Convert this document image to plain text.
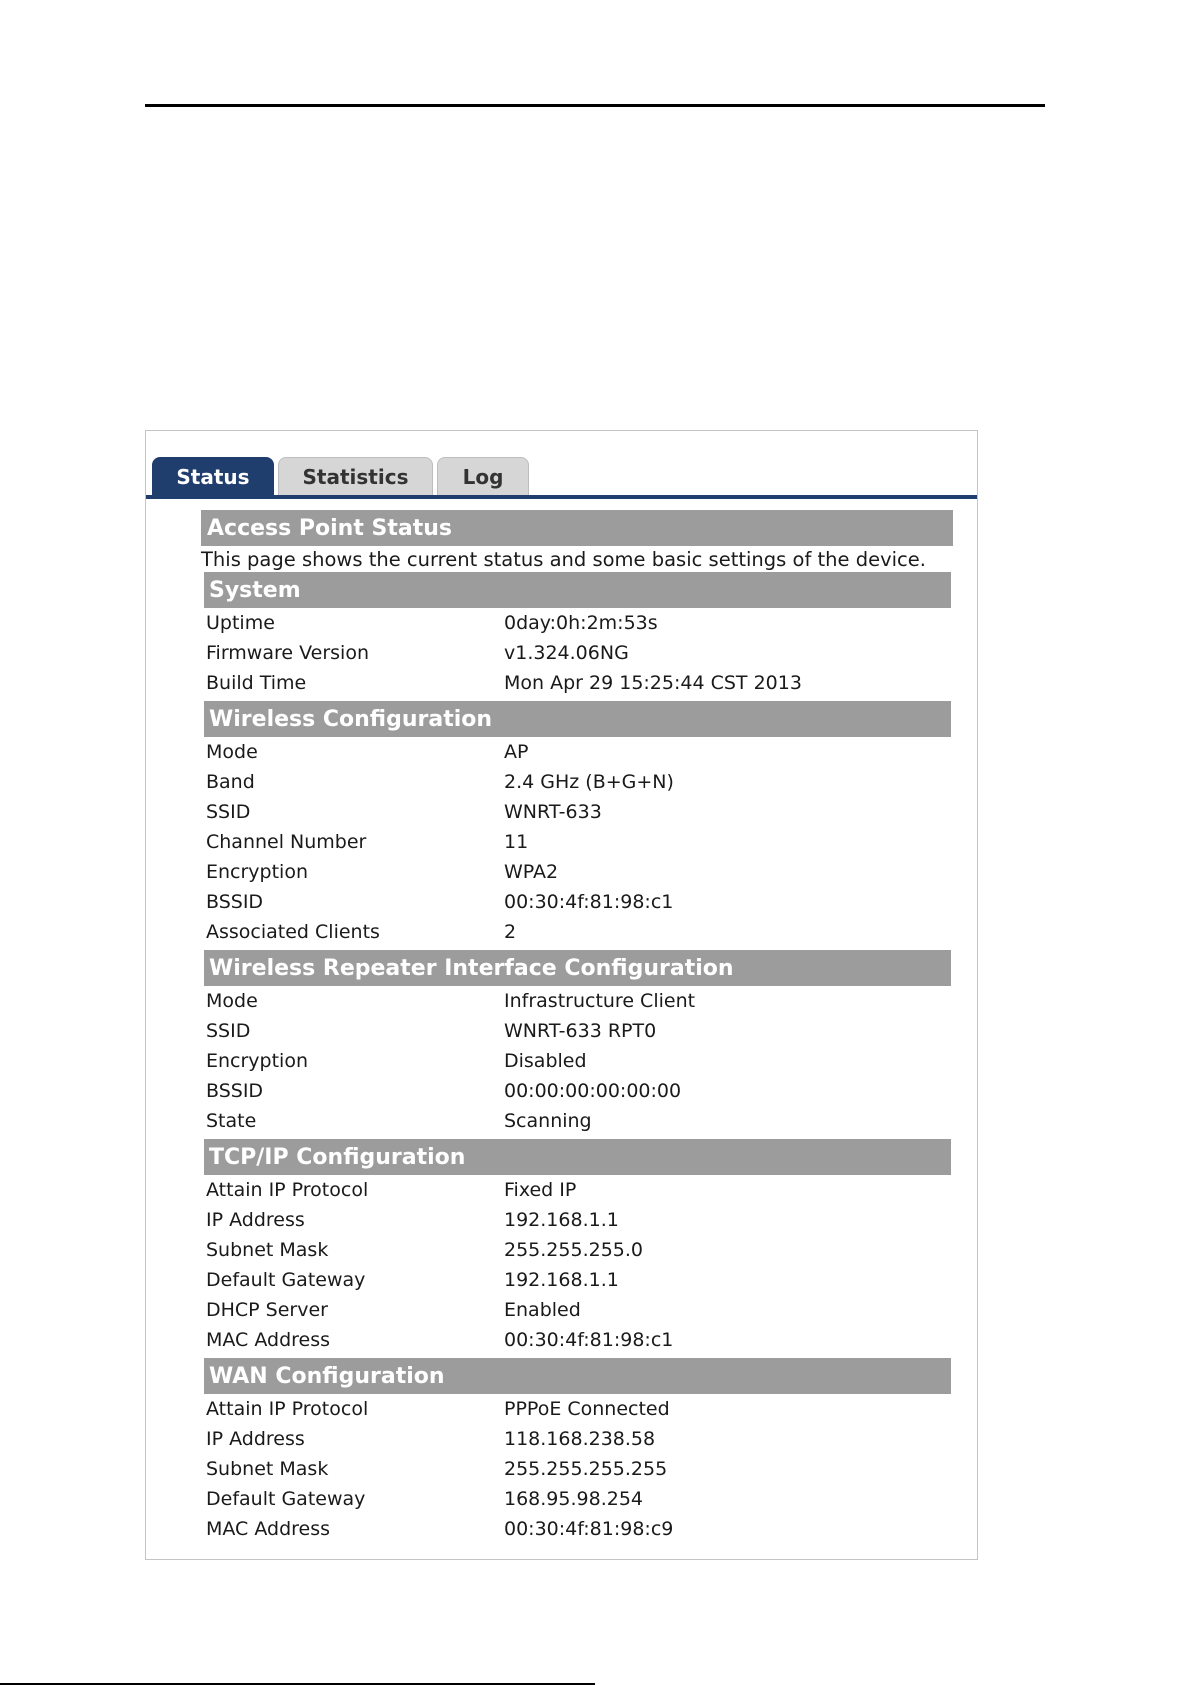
Status	Statistics	Log
Access Point Status
This page shows the current status and some basic settings of the device.
System
Uptime	0day:0h:2m:53s
Firmware Version	v1.324.06NG
Build Time	Mon Apr 29 15:25:44 CST 2013
Wireless Configuration
Mode	AP
Band	2.4 GHz (B+G+N)
SSID	WNRT-633
Channel Number	11
Encryption	WPA2
BSSID	00:30:4f:81:98:c1
Associated Clients	2
Wireless Repeater Interface Configuration
Mode	Infrastructure Client
SSID	WNRT-633 RPT0
Encryption	Disabled
BSSID	00:00:00:00:00:00
State	Scanning
TCP/IP Configuration
Attain IP Protocol	Fixed IP
IP Address	192.168.1.1
Subnet Mask	255.255.255.0
Default Gateway	192.168.1.1
DHCP Server	Enabled
MAC Address	00:30:4f:81:98:c1
WAN Configuration
Attain IP Protocol	PPPoE Connected
IP Address	118.168.238.58
Subnet Mask	255.255.255.255
Default Gateway	168.95.98.254
MAC Address	00:30:4f:81:98:c9
